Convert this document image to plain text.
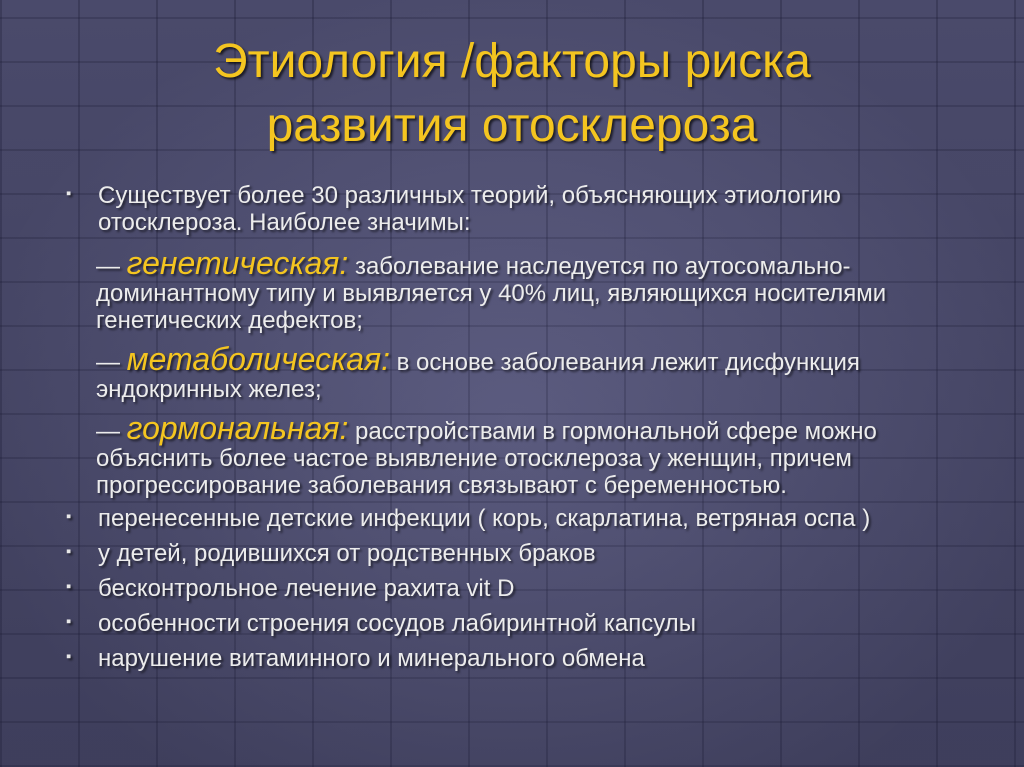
Этиология /факторы риска
развития отосклероза
▪ Существует более 30 различных теорий, объясняющих этиологию отосклероза. Наиболее значимы:
— генетическая: заболевание наследуется по аутосомально-доминантному типу и выявляется у 40% лиц, являющихся носителями генетических дефектов;
— метаболическая: в основе заболевания лежит дисфункция эндокринных желез;
— гормональная: расстройствами в гормональной сфере можно объяснить более частое выявление отосклероза у женщин, причем прогрессирование заболевания связывают с беременностью.
▪ перенесенные детские инфекции ( корь, скарлатина, ветряная оспа )
▪ у детей, родившихся от родственных браков
▪ бесконтрольное лечение рахита vit D
▪ особенности строения сосудов лабиринтной капсулы
▪ нарушение витаминного и минерального обмена
